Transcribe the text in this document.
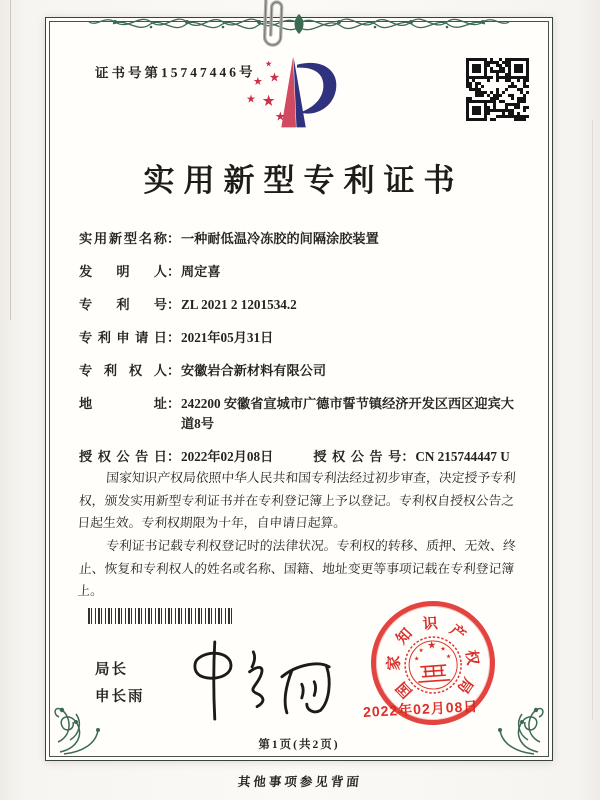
证书号第15747446号
实用新型专利证书
实用新型名称 ： 一种耐低温冷冻胶的间隔涂胶装置
发明人 ： 周定喜
专利号 ： ZL 2021 2 1201534.2
专利申请日 ： 2021年05月31日
专利权人 ： 安徽岩合新材料有限公司
地址 ： 242200 安徽省宣城市广德市誓节镇经济开发区西区迎宾大道8号
授权公告日 ： 2022年02月08日	授权公告号 ： CN 215744447 U

国家知识产权局依照中华人民共和国专利法经过初步审查，决定授予专利权，颁发实用新型专利证书并在专利登记簿上予以登记。专利权自授权公告之日起生效。专利权期限为十年，自申请日起算。

专利证书记载专利权登记时的法律状况。专利权的转移、质押、无效、终止、恢复和专利权人的姓名或名称、国籍、地址变更等事项记载在专利登记簿上。

局长
申长雨	国
家
知
识 产
权
局
2022年02月08日
第1页(共2页)
其他事项参见背面
